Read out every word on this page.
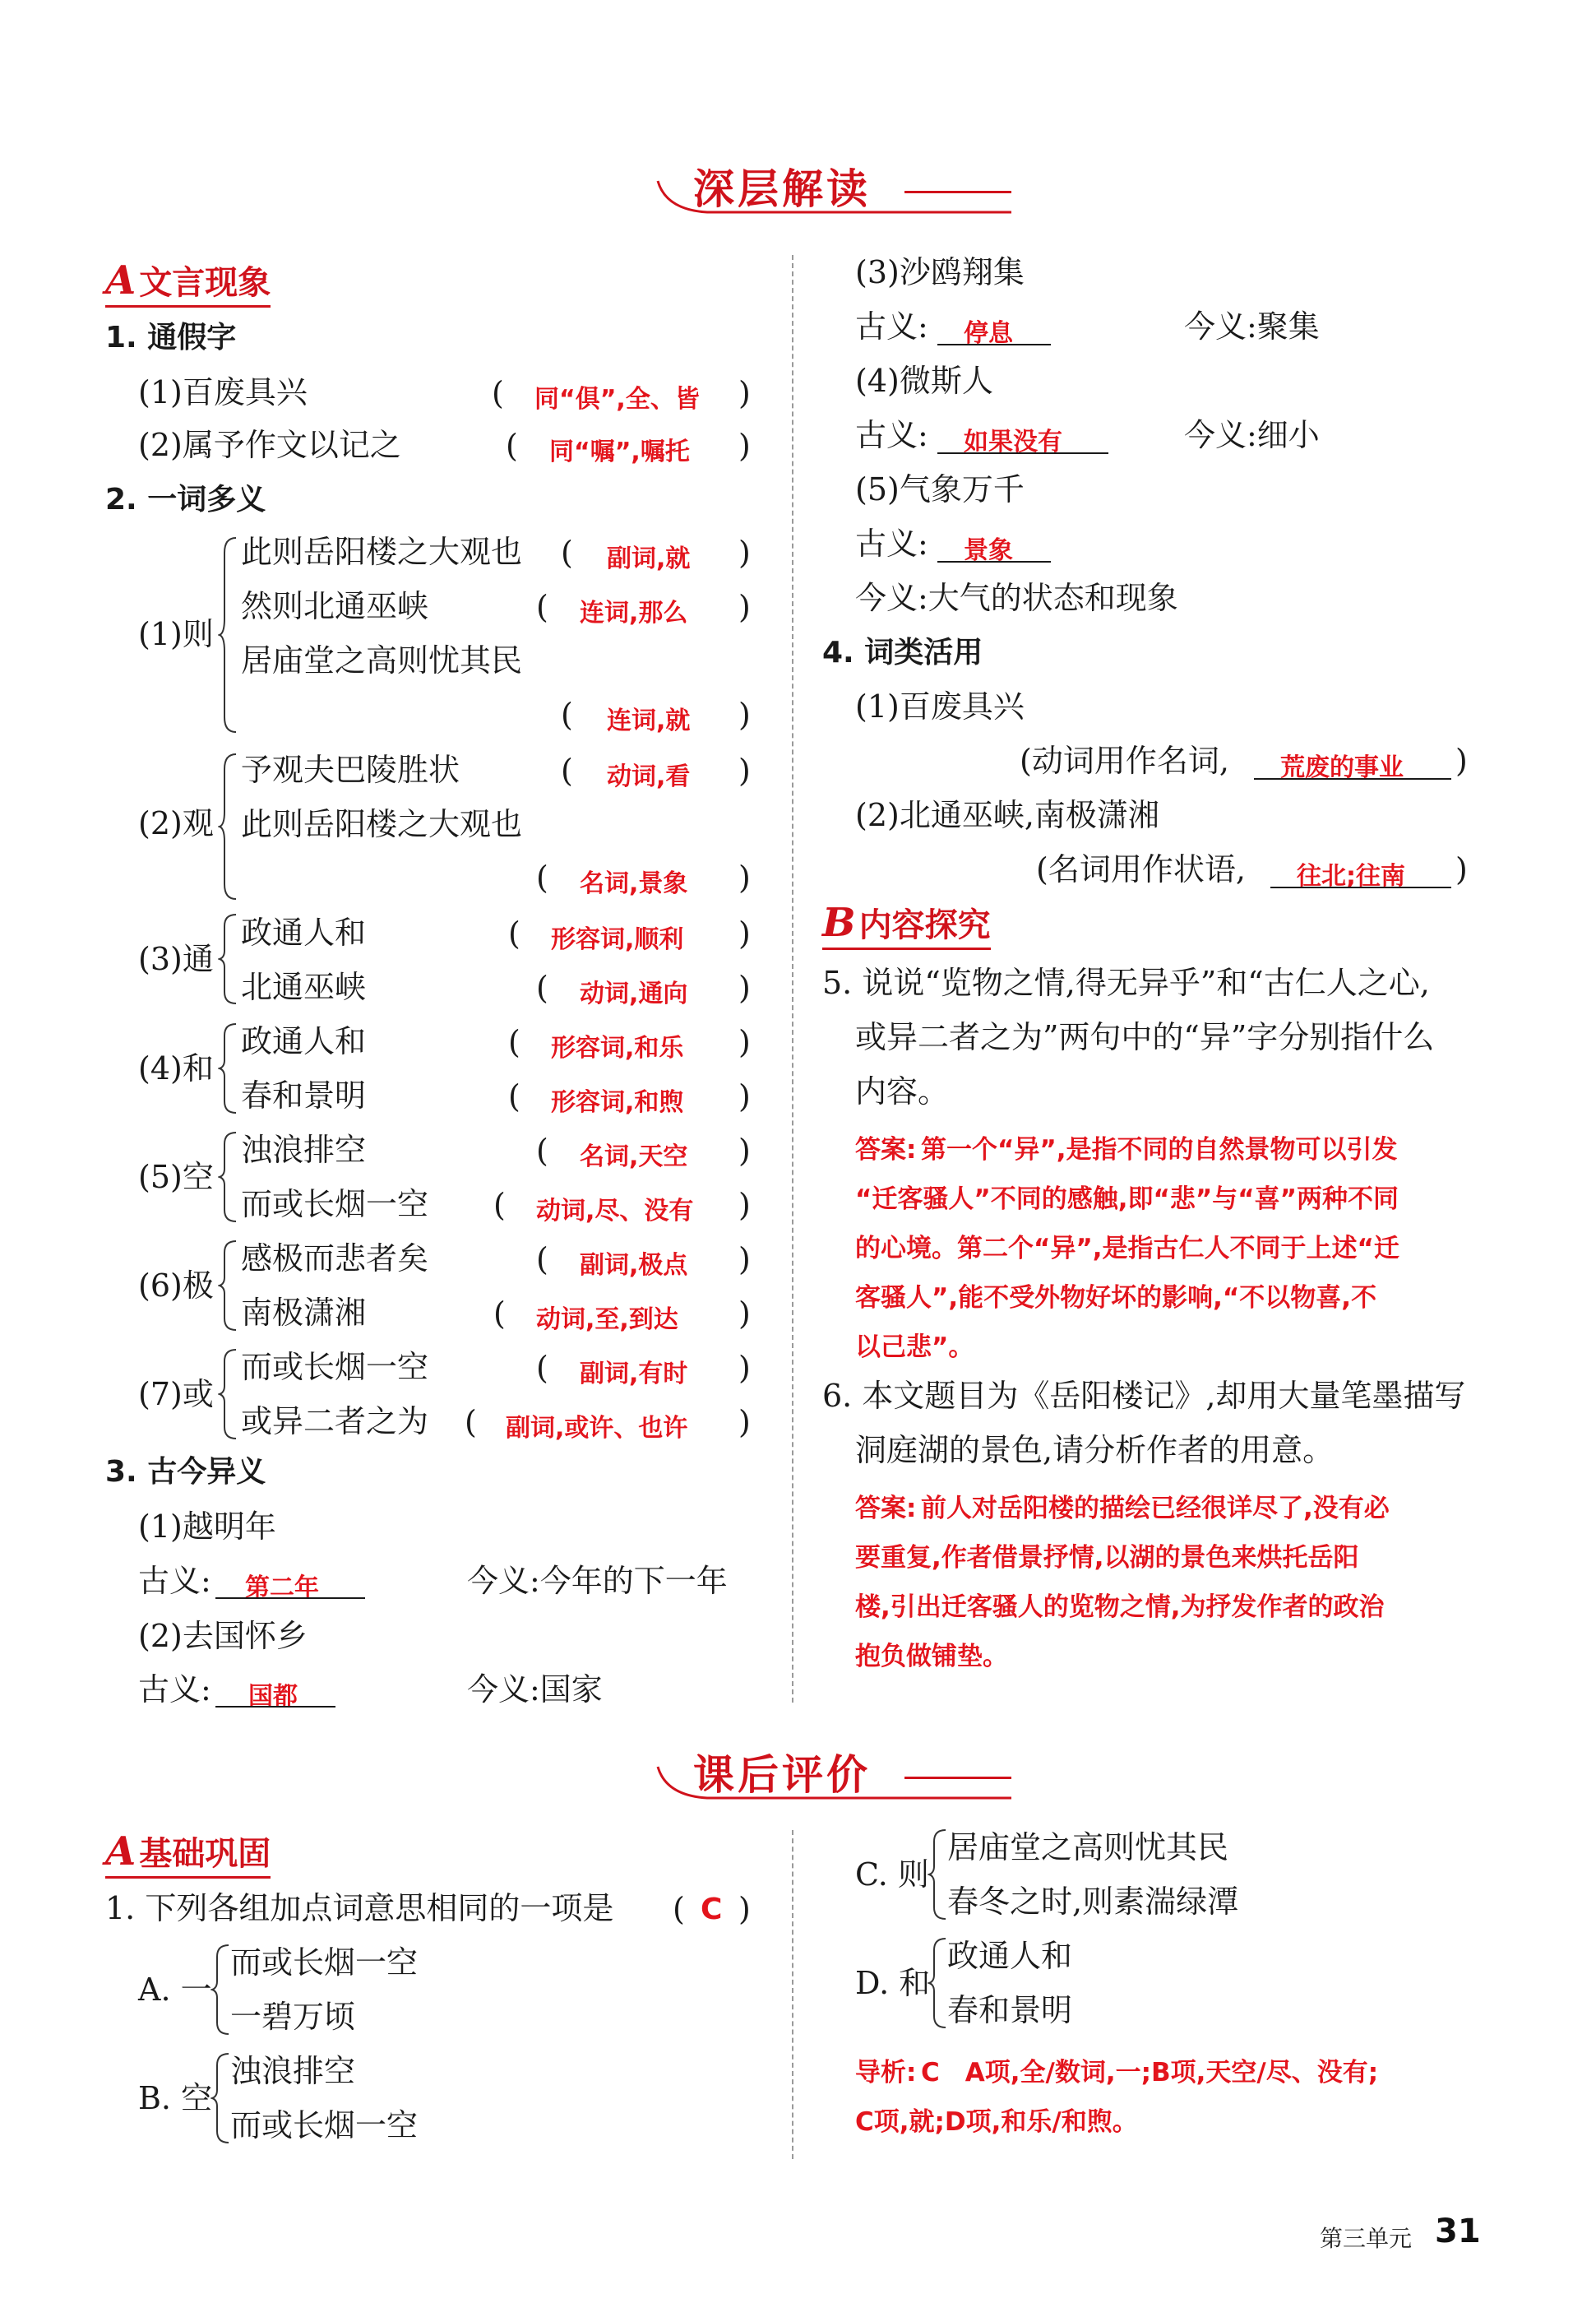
深层解读
A 文言现象
1. 通假字
(1)百废具兴	( 同“俱”,全、皆 )
(2)属予作文以记之	( 同“嘱”,嘱托 )
2. 一词多义
(1)则
此则岳阳楼之大观也 ( 副词,就 )
然则北通巫峡	( 连词,那么 )
居庙堂之高则忧其民
( 连词,就 )
(2)观
予观夫巴陵胜状	( 动词,看 )
此则岳阳楼之大观也
( 名词,景象 )
(3)通
政通人和	( 形容词,顺利 )
北通巫峡	( 动词,通向 )
(4)和
政通人和	( 形容词,和乐 )
春和景明	( 形容词,和煦 )
(5)空
浊浪排空	( 名词,天空 )
而或长烟一空 ( 动词,尽、没有 )
(6)极
感极而悲者矣	( 副词,极点 )
南极潇湘	( 动词,至,到达 )
(7)或
而或长烟一空	( 副词,有时 )
或异二者之为 ( 副词,或许、也许 )
3. 古今异义
(1)越明年
古义: 第二年	今义:今年的下一年
(2)去国怀乡
古义: 国都	今义:国家
(3)沙鸥翔集
古义: 停息	今义:聚集
(4)微斯人
古义: 如果没有	今义:细小
(5)气象万千
古义: 景象
今义:大气的状态和现象
4. 词类活用
(1)百废具兴
(动词用作名词, 荒废的事业 )
(2)北通巫峡,南极潇湘
(名词用作状语, 往北;往南 )
B 内容探究
5. 说说“览物之情,得无异乎”和“古仁人之心,
或异二者之为”两句中的“异”字分别指什么
内容。
答案: 第一个“异”,是指不同的自然景物可以引发
“迁客骚人”不同的感触,即“悲”与“喜”两种不同
的心境。第二个“异”,是指古仁人不同于上述“迁
客骚人”,能不受外物好坏的影响,“不以物喜,不
以己悲”。
6. 本文题目为《岳阳楼记》,却用大量笔墨描写
洞庭湖的景色,请分析作者的用意。
答案: 前人对岳阳楼的描绘已经很详尽了,没有必
要重复,作者借景抒情,以湖的景色来烘托岳阳
楼,引出迁客骚人的览物之情,为抒发作者的政治
抱负做铺垫。
课后评价
A 基础巩固
1. 下列各组加点词意思相同的一项是 ( C )
A. 一
而或长烟一空
一碧万顷
B. 空
浊浪排空
而或长烟一空
C. 则
居庙堂之高则忧其民
春冬之时,则素湍绿潭
D. 和
政通人和
春和景明
导析: C　A项,全/数词,一;B项,天空/尽、没有;
C项,就;D项,和乐/和煦。
第三单元 31
